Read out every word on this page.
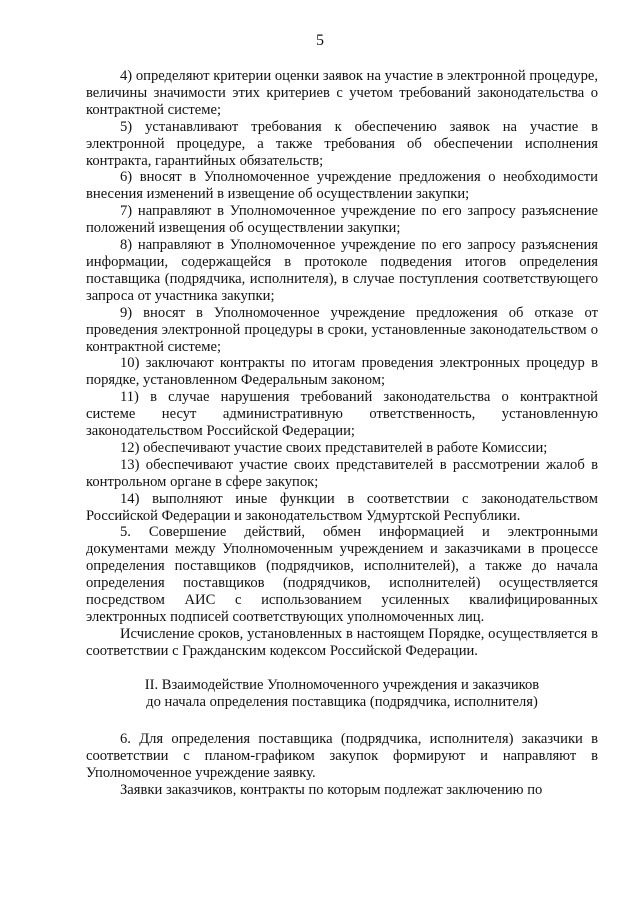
5

4) определяют критерии оценки заявок на участие в электронной процедуре, величины значимости этих критериев с учетом требований законодательства о контрактной системе;

5) устанавливают требования к обеспечению заявок на участие в электронной процедуре, а также требования об обеспечении исполнения контракта, гарантийных обязательств;

6) вносят в Уполномоченное учреждение предложения о необходимости внесения изменений в извещение об осуществлении закупки;

7) направляют в Уполномоченное учреждение по его запросу разъяснение положений извещения об осуществлении закупки;

8) направляют в Уполномоченное учреждение по его запросу разъяснения информации, содержащейся в протоколе подведения итогов определения поставщика (подрядчика, исполнителя), в случае поступления соответствующего запроса от участника закупки;

9) вносят в Уполномоченное учреждение предложения об отказе от проведения электронной процедуры в сроки, установленные законодательством о контрактной системе;

10) заключают контракты по итогам проведения электронных процедур в порядке, установленном Федеральным законом;

11) в случае нарушения требований законодательства о контрактной системе несут административную ответственность, установленную законодательством Российской Федерации;

12) обеспечивают участие своих представителей в работе Комиссии;

13) обеспечивают участие своих представителей в рассмотрении жалоб в контрольном органе в сфере закупок;

14) выполняют иные функции в соответствии с законодательством Российской Федерации и законодательством Удмуртской Республики.

5. Совершение действий, обмен информацией и электронными документами между Уполномоченным учреждением и заказчиками в процессе определения поставщиков (подрядчиков, исполнителей), а также до начала определения поставщиков (подрядчиков, исполнителей) осуществляется посредством АИС с использованием усиленных квалифицированных электронных подписей соответствующих уполномоченных лиц.

Исчисление сроков, установленных в настоящем Порядке, осуществляется в соответствии с Гражданским кодексом Российской Федерации.

II. Взаимодействие Уполномоченного учреждения и заказчиков
до начала определения поставщика (подрядчика, исполнителя)

6. Для определения поставщика (подрядчика, исполнителя) заказчики в соответствии с планом-графиком закупок формируют и направляют в Уполномоченное учреждение заявку.

Заявки заказчиков, контракты по которым подлежат заключению по
